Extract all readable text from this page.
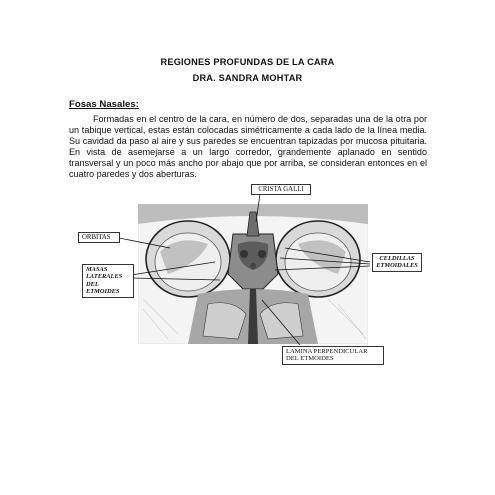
REGIONES PROFUNDAS DE LA CARA
DRA. SANDRA MOHTAR
Fosas Nasales:

Formadas en el centro de la cara, en número de dos, separadas una de la otra por un tabique vertical, estas están colocadas simétricamente a cada lado de la línea media. Su cavidad da paso al aire y sus paredes se encuentran tapizadas por mucosa pituitaria. En vista de asemejarse a un largo corredor, grandemente aplanado en sentido transversal y un poco más ancho por abajo que por arriba, se consideran entonces en el cuatro paredes y dos aberturas.

CRISTA GALLI
ORBITAS
MASAS
LATERALES
DEL
ETMOIDES
CELDILLAS
ETMOIDALES
LAMINA PERPENDICULAR
DEL ETMOIDES
